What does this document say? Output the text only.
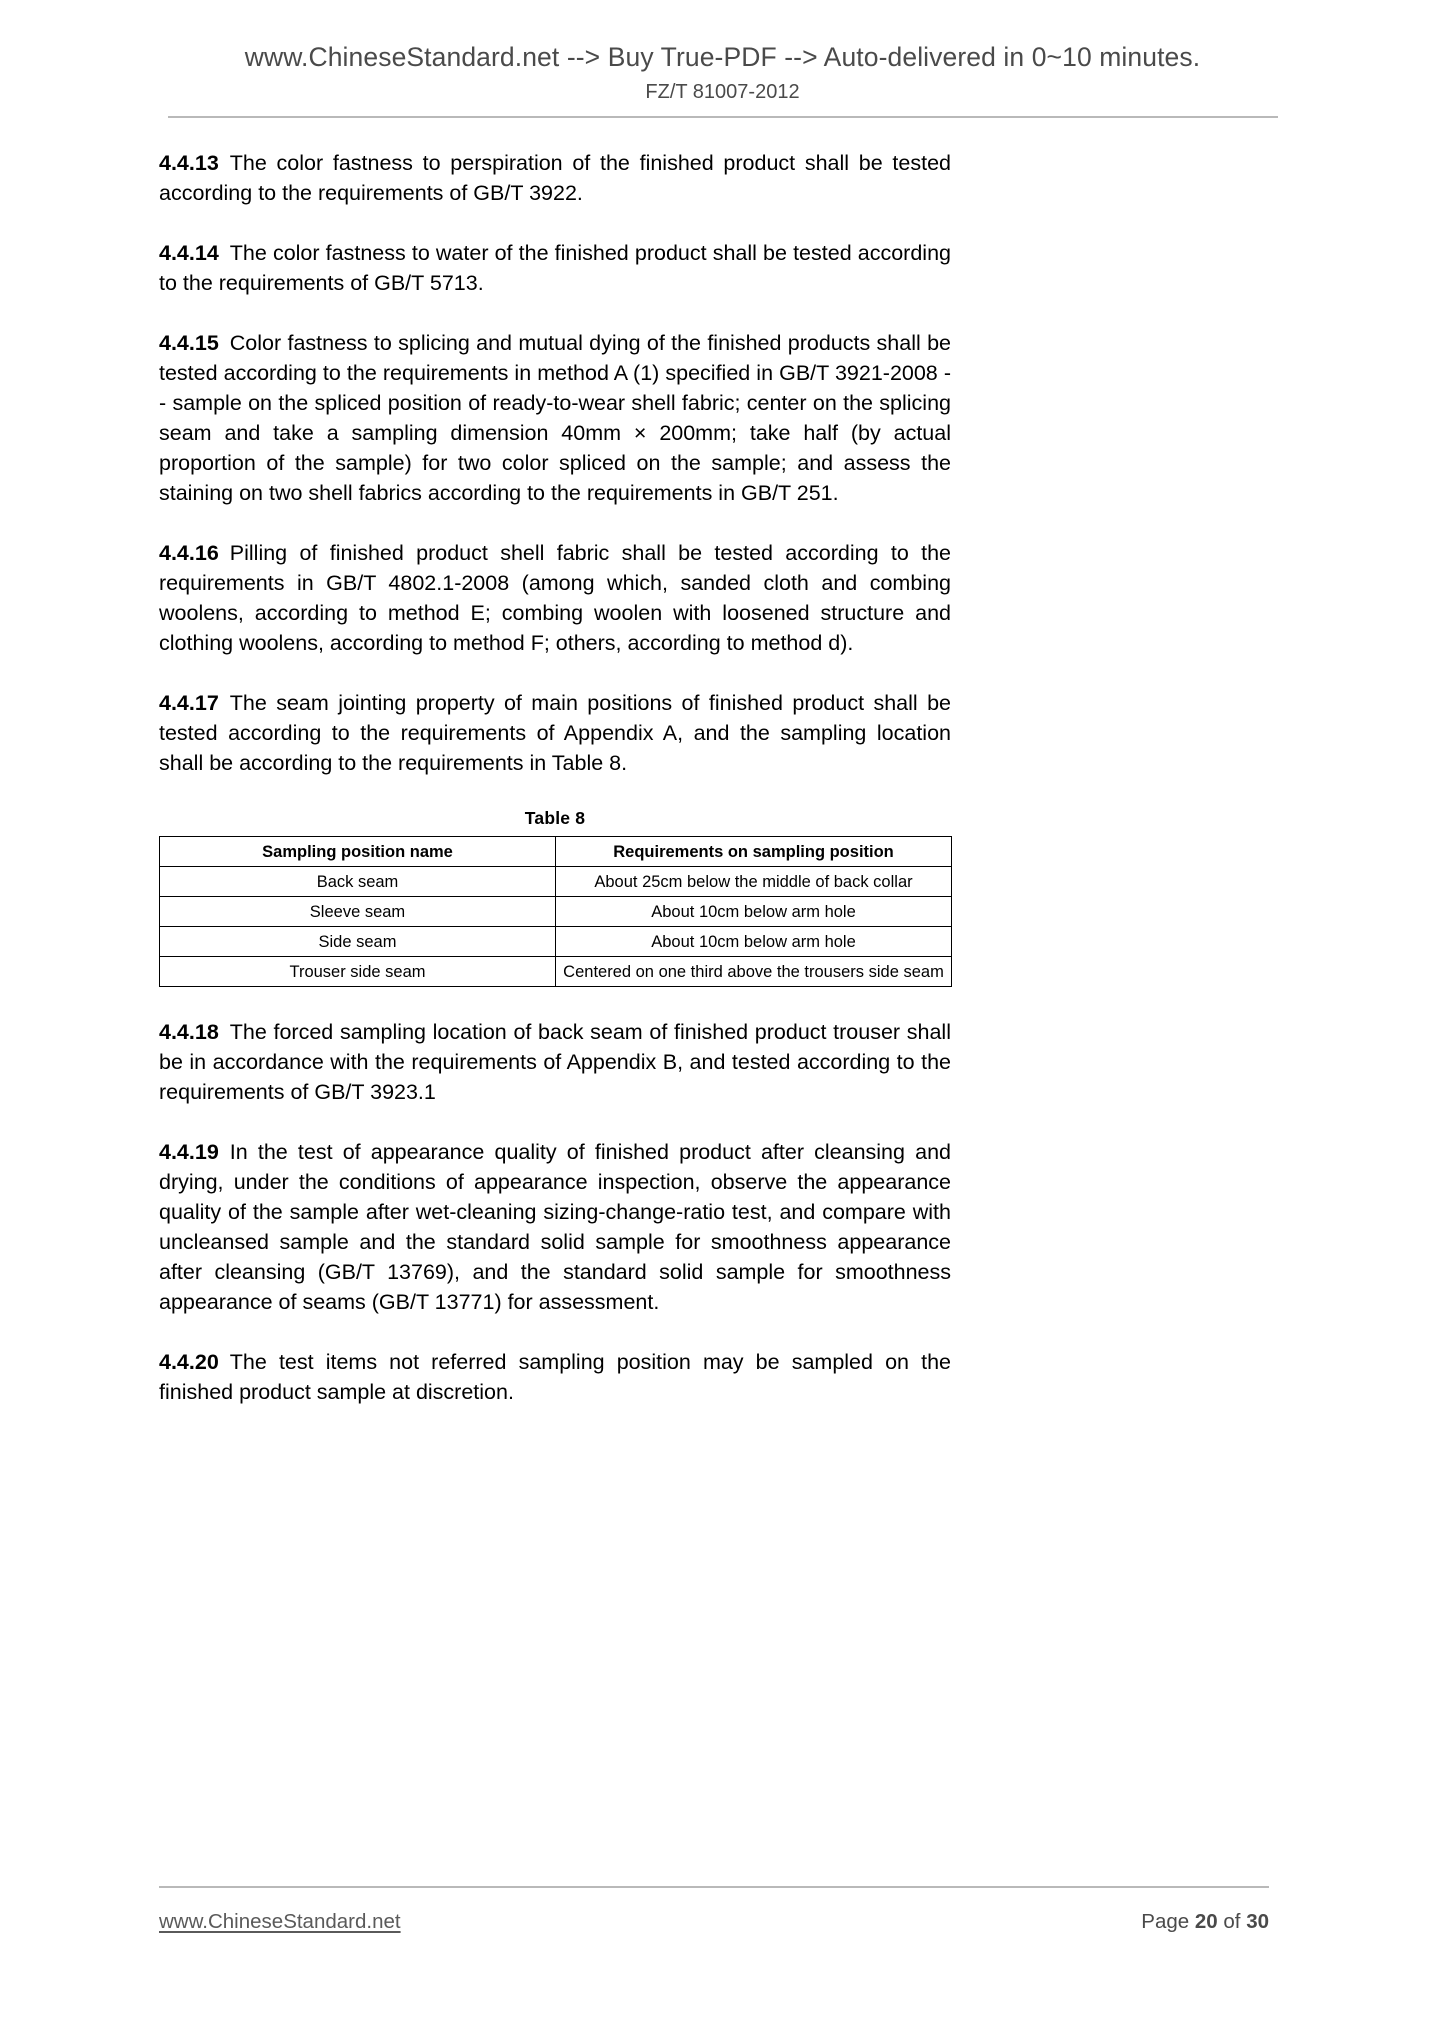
www.ChineseStandard.net --> Buy True-PDF --> Auto-delivered in 0~10 minutes.
FZ/T 81007-2012

4.4.13 The color fastness to perspiration of the finished product shall be tested according to the requirements of GB/T 3922.

4.4.14 The color fastness to water of the finished product shall be tested according to the requirements of GB/T 5713.

4.4.15 Color fastness to splicing and mutual dying of the finished products shall be tested according to the requirements in method A (1) specified in GB/T 3921-2008 -- sample on the spliced position of ready-to-wear shell fabric; center on the splicing seam and take a sampling dimension 40mm × 200mm; take half (by actual proportion of the sample) for two color spliced on the sample; and assess the staining on two shell fabrics according to the requirements in GB/T 251.

4.4.16 Pilling of finished product shell fabric shall be tested according to the requirements in GB/T 4802.1-2008 (among which, sanded cloth and combing woolens, according to method E; combing woolen with loosened structure and clothing woolens, according to method F; others, according to method d).

4.4.17 The seam jointing property of main positions of finished product shall be tested according to the requirements of Appendix A, and the sampling location shall be according to the requirements in Table 8.

Table 8
Sampling position name	Requirements on sampling position
Back seam	About 25cm below the middle of back collar
Sleeve seam	About 10cm below arm hole
Side seam	About 10cm below arm hole
Trouser side seam	Centered on one third above the trousers side seam

4.4.18 The forced sampling location of back seam of finished product trouser shall be in accordance with the requirements of Appendix B, and tested according to the requirements of GB/T 3923.1

4.4.19 In the test of appearance quality of finished product after cleansing and drying, under the conditions of appearance inspection, observe the appearance quality of the sample after wet-cleaning sizing-change-ratio test, and compare with uncleansed sample and the standard solid sample for smoothness appearance after cleansing (GB/T 13769), and the standard solid sample for smoothness appearance of seams (GB/T 13771) for assessment.

4.4.20 The test items not referred sampling position may be sampled on the finished product sample at discretion.

www.ChineseStandard.net	Page 20 of 30
